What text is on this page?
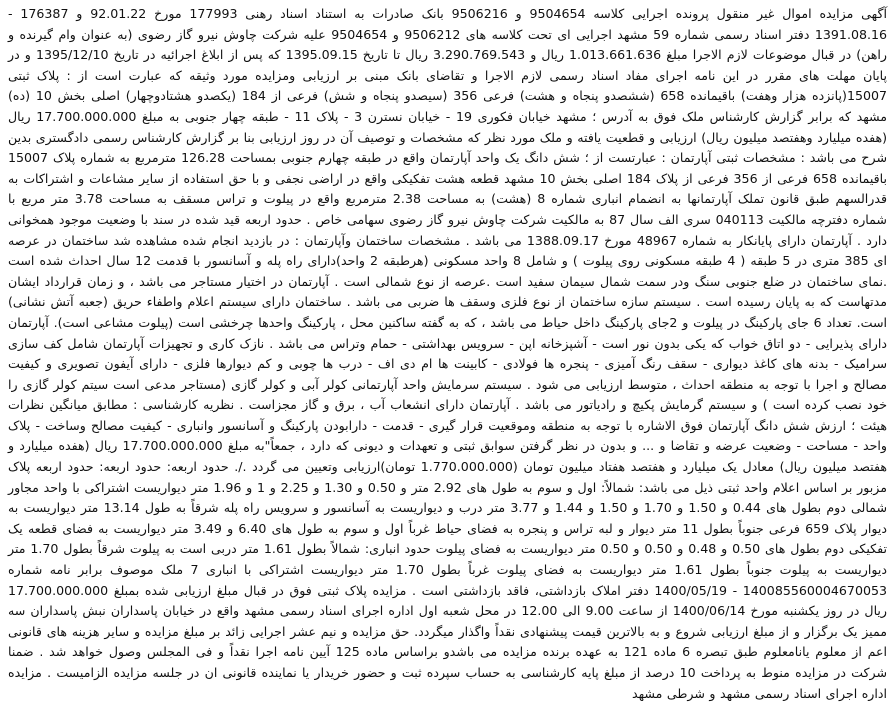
آگهی مزایده اموال غیر منقول پرونده اجرایی کلاسه 9504654 و 9506216 بانک صادرات به استناد اسناد رهنی 177993 مورخ 92.01.22 و 176387 - 1391.08.16 دفتر اسناد رسمی شماره 59 مشهد اجرایی ای تحت کلاسه های 9506212 و 9504654 علیه شرکت چاوش نیرو گاز رضوی (به عنوان وام گیرنده و راهن) در قبال موضوعات لازم الاجرا مبلغ 1.013.661.636 ریال و 3.290.769.543 ریال تا تاریخ 1395.09.15 که پس از ابلاغ اجرائیه در تاریخ 1395/12/10 و در پایان مهلت های مقرر در این نامه اجرای مفاد اسناد رسمی لازم الاجرا و تقاضای بانک مبنی بر ارزیابی ومزایده مورد وثیقه که عبارت است از : پلاک ثبتی 15007(پانزده هزار وهفت) باقیمانده 658 (ششصدو پنجاه و هشت) فرعی 356 (سیصدو پنجاه و شش) فرعی از 184 (یکصدو هشتادوچهار) اصلی بخش 10 (ده) مشهد که برابر گزارش کارشناس ملک فوق به آدرس ؛ مشهد خیابان فکوری 19 - خیابان نسترن 3 - پلاک 11 - طبقه چهار جنوبی به مبلغ 17.700.000.000 ریال (هفده میلیارد وهفتصد میلیون ریال) ارزیابی و قطعیت یافته و ملک مورد نظر که مشخصات و توصیف آن در روز ارزیابی بنا بر گزارش کارشناس رسمی دادگستری بدین شرح می باشد : مشخصات ثبتی آپارتمان : عبارتست از ؛ شش دانگ یک واحد آپارتمان واقع در طبقه چهارم جنوبی بمساحت 126.28 مترمربع به شماره پلاک 15007 باقیمانده 658 فرعی از 356 فرعی از پلاک 184 اصلی بخش 10 مشهد قطعه هشت تفکیکی واقع در اراضی نجفی و با حق استفاده از سایر مشاعات و اشتراکات به قدرالسهم طبق قانون تملک آپارتمانها به انضمام انباری شماره 8 (هشت) به مساحت 2.38 مترمربع واقع در پیلوت و تراس مسقف به مساحت 3.78 متر مربع با شماره دفترچه مالکیت 040113 سری الف سال 87 به مالکیت شرکت چاوش نیرو گاز رضوی سهامی خاص . حدود اربعه قید شده در سند با وضعیت موجود همخوانی دارد . آپارتمان دارای پایانکار به شماره 48967 مورخ 1388.09.17 می باشد . مشخصات ساختمان وآپارتمان : در بازدید انجام شده مشاهده شد ساختمان در عرصه ای 385 متری در 5 طبقه ( 4 طبقه مسکونی روی پیلوت ) و شامل 8 واحد مسکونی (هرطبقه 2 واحد)دارای راه پله و آسانسور با قدمت 12 سال احداث شده است .نمای ساختمان در ضلع جنوبی سنگ ودر سمت شمال سیمان سفید است .عرصه از نوع شمالی است . آپارتمان در اختیار مستاجر می باشد ، و زمان قرارداد ایشان مدتهاست که به پایان رسیده است . سیستم سازه ساختمان از نوع فلزی وسقف ها ضربی می باشد . ساختمان دارای سیستم اعلام واطفاء حریق (جعبه آتش نشانی) است. تعداد 6 جای پارکینگ در پیلوت و 2جای پارکینگ داخل حیاط می باشد ، که به گفته ساکنین محل ، پارکینگ واحدها چرخشی است (پیلوت مشاعی است). آپارتمان دارای پذیرایی - دو اتاق خواب که یکی بدون نور است - آشپزخانه اپن - سرویس بهداشتی - حمام وتراس می باشد . نازک کاری و تجهیزات آپارتمان شامل کف سازی سرامیک - بدنه های کاغذ دیواری - سقف رنگ آمیزی - پنجره ها فولادی - کابینت ها ام دی اف - درب ها چوبی و کم دیوارها فلزی - دارای آیفون تصویری و کیفیت مصالح و اجرا با توجه به منطقه احداث ، متوسط ارزیابی می شود . سیستم سرمایش واحد آپارتمانی کولر آبی و کولر گازی (مستاجر مدعی است سیتم کولر گازی را خود نصب کرده است ) و سیستم گرمایش پکیچ و رادیاتور می باشد . آپارتمان دارای انشعاب آب ، برق و گاز مجزاست . نظریه کارشناسی : مطابق میانگین نظرات هیئت ؛ ارزش شش دانگ آپارتمان فوق الاشاره با توجه به منطقه وموقعیت قرار گیری - قدمت - دارابودن پارکینگ و آسانسور وانباری - کیفیت مصالح وساخت - پلاک واحد - مساحت - وضعیت عرضه و تقاضا و ... و بدون در نظر گرفتن سوابق ثبتی و تعهدات و دیونی که دارد ، جمعاً"به مبلغ 17.700.000.000 ریال (هفده میلیارد و هفتصد میلیون ریال) معادل یک میلیارد و هفتصد هفتاد میلیون تومان (1.770.000.000 تومان)ارزیابی وتعیین می گردد ./. حدود اربعه: حدود اربعه: حدود اربعه پلاک مزبور بر اساس اعلام واحد ثبتی ذیل می باشد: شمالاً: اول و سوم به طول های 2.92 متر و 0.50 و 1.30 و 2.25 و 1 و 1.96 متر دیواریست اشتراکی با واحد مجاور شمالی دوم بطول های 0.44 و 1.50 و 1.70 و 1.50 و 1.44 و 3.77 متر درب و دیواریست به آسانسور و سرویس راه پله شرقاً به طول 13.14 متر دیواریست به دیوار پلاک 659 فرعی جنوباً بطول 11 متر دیوار و لبه تراس و پنجره به فضای حیاط غرباً اول و سوم به طول های 6.40 و 3.49 متر دیواریست به فضای قطعه یک تفکیکی دوم بطول های 0.50 و 0.48 و 0.50 و 0.50 متر دیواریست به فضای پیلوت حدود انباری: شمالاً بطول 1.61 متر دربی است به پیلوت شرقاً بطول 1.70 متر دیواریست به پیلوت جنوباً بطول 1.61 متر دیواریست به فضای پیلوت غرباً بطول 1.70 متر دیواریست اشتراکی با انباری 7 ملک موصوف برابر نامه شماره 140085560004670053 - 1400/05/19 دفتر املاک بازداشتی، فاقد بازداشتی است . مزایده پلاک ثبتی فوق در قبال مبلغ ارزیابی شده بمبلغ 17.700.000.000 ریال در روز یکشنبه مورخ 1400/06/14 از ساعت 9.00 الی 12.00 در محل شعبه اول اداره اجرای اسناد رسمی مشهد واقع در خیابان پاسداران نبش پاسداران سه ممیز یک برگزار و از مبلغ ارزیابی شروع و به بالاترین قیمت پیشنهادی نقداً واگذار میگردد. حق مزایده و نیم عشر اجرایی زائد بر مبلغ مزایده و سایر هزینه های قانونی اعم از معلوم یانامعلوم طبق تبصره 6 ماده 121 به عهده برنده مزایده می باشدو براساس ماده 125 آیین نامه اجرا نقداً و فی المجلس وصول خواهد شد . ضمنا شرکت در مزایده منوط به پرداخت 10 درصد از مبلغ پایه کارشناسی به حساب سپرده ثبت و حضور خریدار یا نماینده قانونی ان در جلسه مزایده الزامیست . مزایده اداره اجرای اسناد رسمی مشهد و شرطی مشهد
